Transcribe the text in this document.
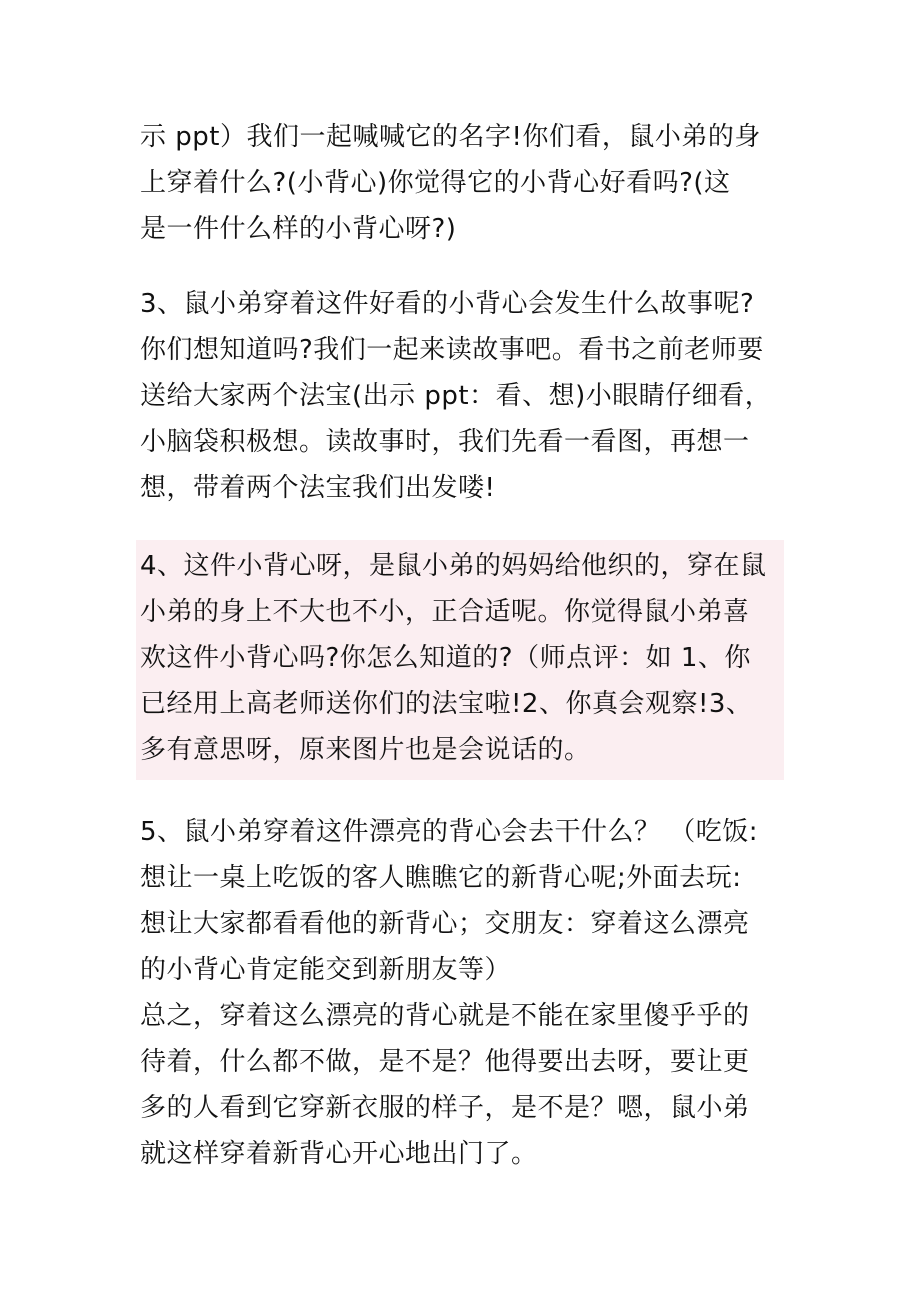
示 ppt）我们一起喊喊它的名字!你们看，鼠小弟的身
上穿着什么?(小背心)你觉得它的小背心好看吗?(这
是一件什么样的小背心呀?)
3、鼠小弟穿着这件好看的小背心会发生什么故事呢?
你们想知道吗?我们一起来读故事吧。看书之前老师要
送给大家两个法宝(出示 ppt：看、想)小眼睛仔细看，
小脑袋积极想。读故事时，我们先看一看图，再想一
想，带着两个法宝我们出发喽!
4、这件小背心呀，是鼠小弟的妈妈给他织的，穿在鼠
小弟的身上不大也不小，正合适呢。你觉得鼠小弟喜
欢这件小背心吗?你怎么知道的?（师点评：如 1、你
已经用上高老师送你们的法宝啦!2、你真会观察!3、
多有意思呀，原来图片也是会说话的。
5、鼠小弟穿着这件漂亮的背心会去干什么？ （吃饭:
想让一桌上吃饭的客人瞧瞧它的新背心呢;外面去玩:
想让大家都看看他的新背心；交朋友：穿着这么漂亮
的小背心肯定能交到新朋友等）
总之，穿着这么漂亮的背心就是不能在家里傻乎乎的
待着，什么都不做，是不是？他得要出去呀，要让更
多的人看到它穿新衣服的样子，是不是？嗯，鼠小弟
就这样穿着新背心开心地出门了。
